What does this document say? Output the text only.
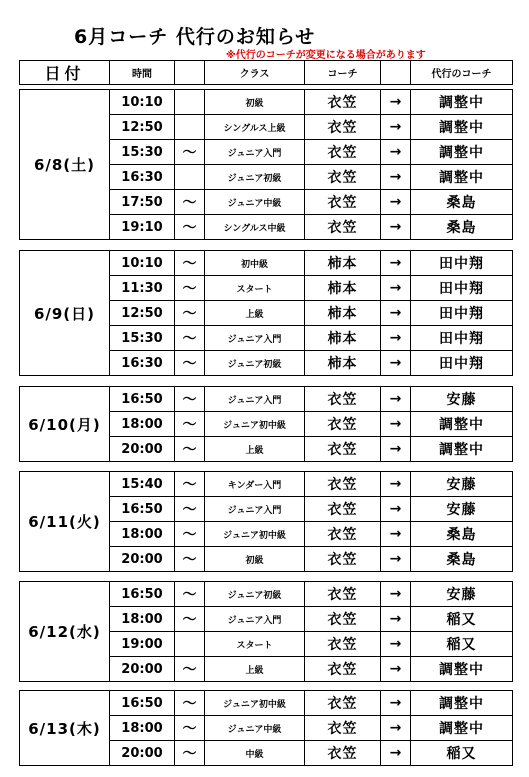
6月コーチ 代行のお知らせ
※代行のコーチが変更になる場合があります
日付	時間		クラス	コーチ		代行のコーチ
6/8(土)	10:10		初級	衣笠	→	調整中
	12:50		シングルス上級	衣笠	→	調整中
	15:30	〜	ジュニア入門	衣笠	→	調整中
	16:30		ジュニア初級	衣笠	→	調整中
	17:50	〜	ジュニア中級	衣笠	→	桑島
	19:10	〜	シングルス中級	衣笠	→	桑島
6/9(日)	10:10	〜	初中級	柿本	→	田中翔
	11:30	〜	スタート	柿本	→	田中翔
	12:50	〜	上級	柿本	→	田中翔
	15:30	〜	ジュニア入門	柿本	→	田中翔
	16:30	〜	ジュニア初級	柿本	→	田中翔
6/10(月)	16:50	〜	ジュニア入門	衣笠	→	安藤
	18:00	〜	ジュニア初中級	衣笠	→	調整中
	20:00	〜	上級	衣笠	→	調整中
6/11(火)	15:40	〜	キンダー入門	衣笠	→	安藤
	16:50	〜	ジュニア入門	衣笠	→	安藤
	18:00	〜	ジュニア初中級	衣笠	→	桑島
	20:00	〜	初級	衣笠	→	桑島
6/12(水)	16:50	〜	ジュニア初級	衣笠	→	安藤
	18:00	〜	ジュニア入門	衣笠	→	稲又
	19:00		スタート	衣笠	→	稲又
	20:00	〜	上級	衣笠	→	調整中
6/13(木)	16:50	〜	ジュニア初中級	衣笠	→	調整中
	18:00	〜	ジュニア中級	衣笠	→	調整中
	20:00	〜	中級	衣笠	→	稲又
